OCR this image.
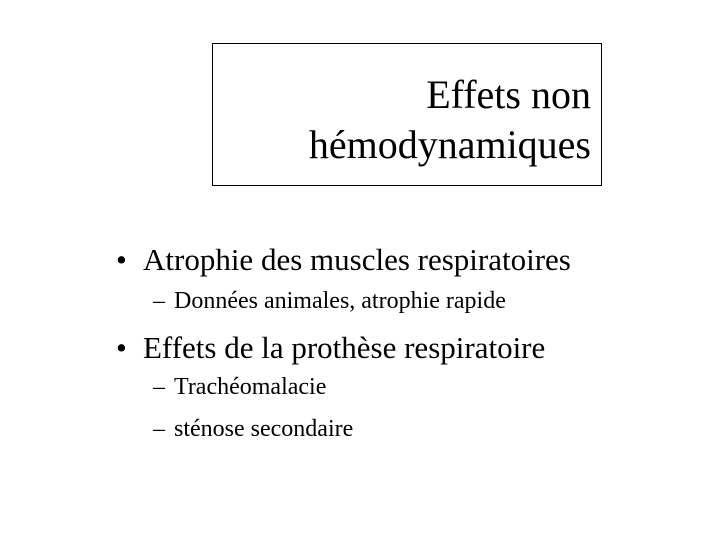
Effets non
hémodynamiques
• Atrophie des muscles respiratoires
– Données animales, atrophie rapide
• Effets de la prothèse respiratoire
– Trachéomalacie
– sténose secondaire
